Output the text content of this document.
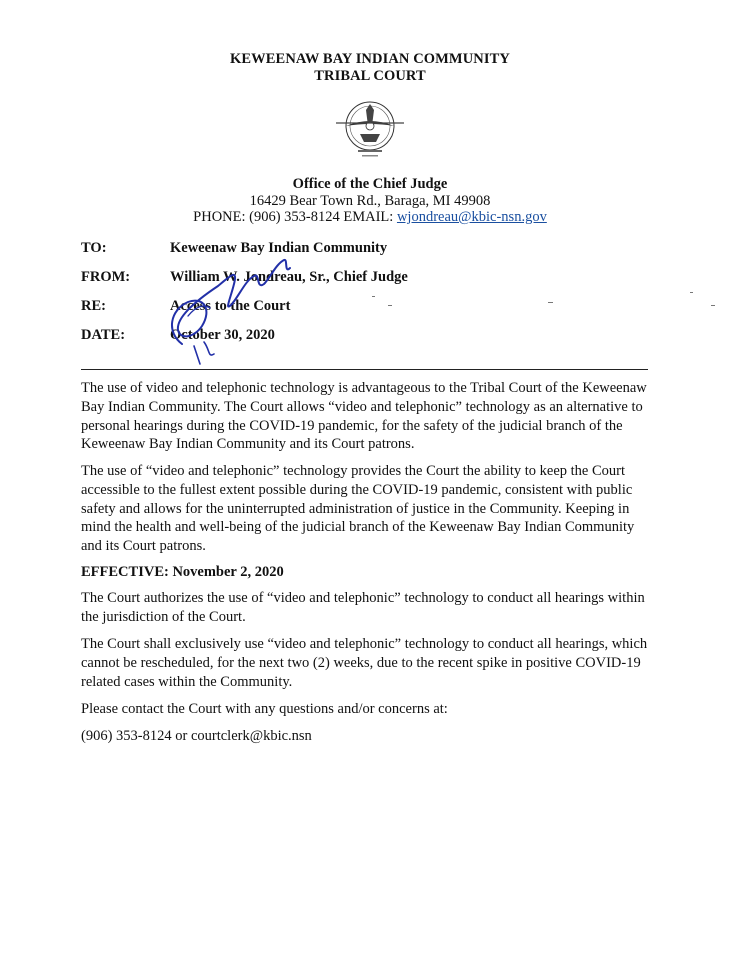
KEWEENAW BAY INDIAN COMMUNITY
TRIBAL COURT
Office of the Chief Judge
16429 Bear Town Rd., Baraga, MI 49908
PHONE: (906) 353-8124 EMAIL: wjondreau@kbic-nsn.gov
TO:	Keweenaw Bay Indian Community
FROM:	William W. Jondreau, Sr., Chief Judge
RE:	Access to the Court
DATE:	October 30, 2020

The use of video and telephonic technology is advantageous to the Tribal Court of the Keweenaw Bay Indian Community. The Court allows “video and telephonic” technology as an alternative to personal hearings during the COVID-19 pandemic, for the safety of the judicial branch of the Keweenaw Bay Indian Community and its Court patrons.

The use of “video and telephonic” technology provides the Court the ability to keep the Court accessible to the fullest extent possible during the COVID-19 pandemic, consistent with public safety and allows for the uninterrupted administration of justice in the Community. Keeping in mind the health and well-being of the judicial branch of the Keweenaw Bay Indian Community and its Court patrons.

EFFECTIVE: November 2, 2020

The Court authorizes the use of “video and telephonic” technology to conduct all hearings within the jurisdiction of the Court.

The Court shall exclusively use “video and telephonic” technology to conduct all hearings, which cannot be rescheduled, for the next two (2) weeks, due to the recent spike in positive COVID-19 related cases within the Community.

Please contact the Court with any questions and/or concerns at:

(906) 353-8124 or courtclerk@kbic.nsn
